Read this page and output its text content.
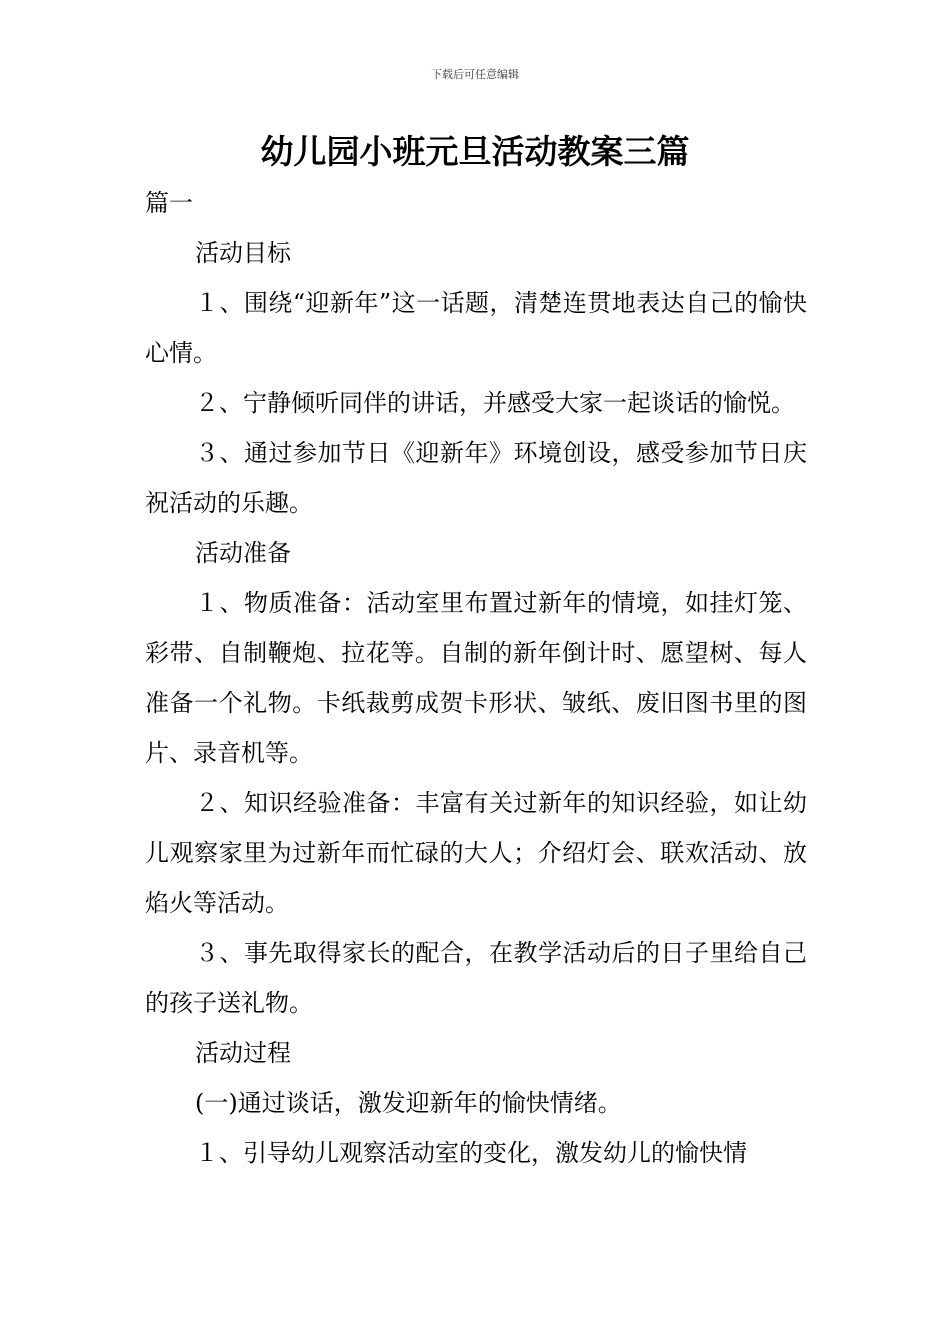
下载后可任意编辑
幼儿园小班元旦活动教案三篇

篇一

活动目标

１、围绕“迎新年”这一话题，清楚连贯地表达自己的愉快心情。

２、宁静倾听同伴的讲话，并感受大家一起谈话的愉悦。

３、通过参加节日《迎新年》环境创设，感受参加节日庆祝活动的乐趣。

活动准备

１、物质准备：活动室里布置过新年的情境，如挂灯笼、彩带、自制鞭炮、拉花等。自制的新年倒计时、愿望树、每人准备一个礼物。卡纸裁剪成贺卡形状、皱纸、废旧图书里的图片、录音机等。

２、知识经验准备：丰富有关过新年的知识经验，如让幼儿观察家里为过新年而忙碌的大人；介绍灯会、联欢活动、放焰火等活动。

３、事先取得家长的配合，在教学活动后的日子里给自己的孩子送礼物。

活动过程

(一)通过谈话，激发迎新年的愉快情绪。

１、引导幼儿观察活动室的变化，激发幼儿的愉快情
